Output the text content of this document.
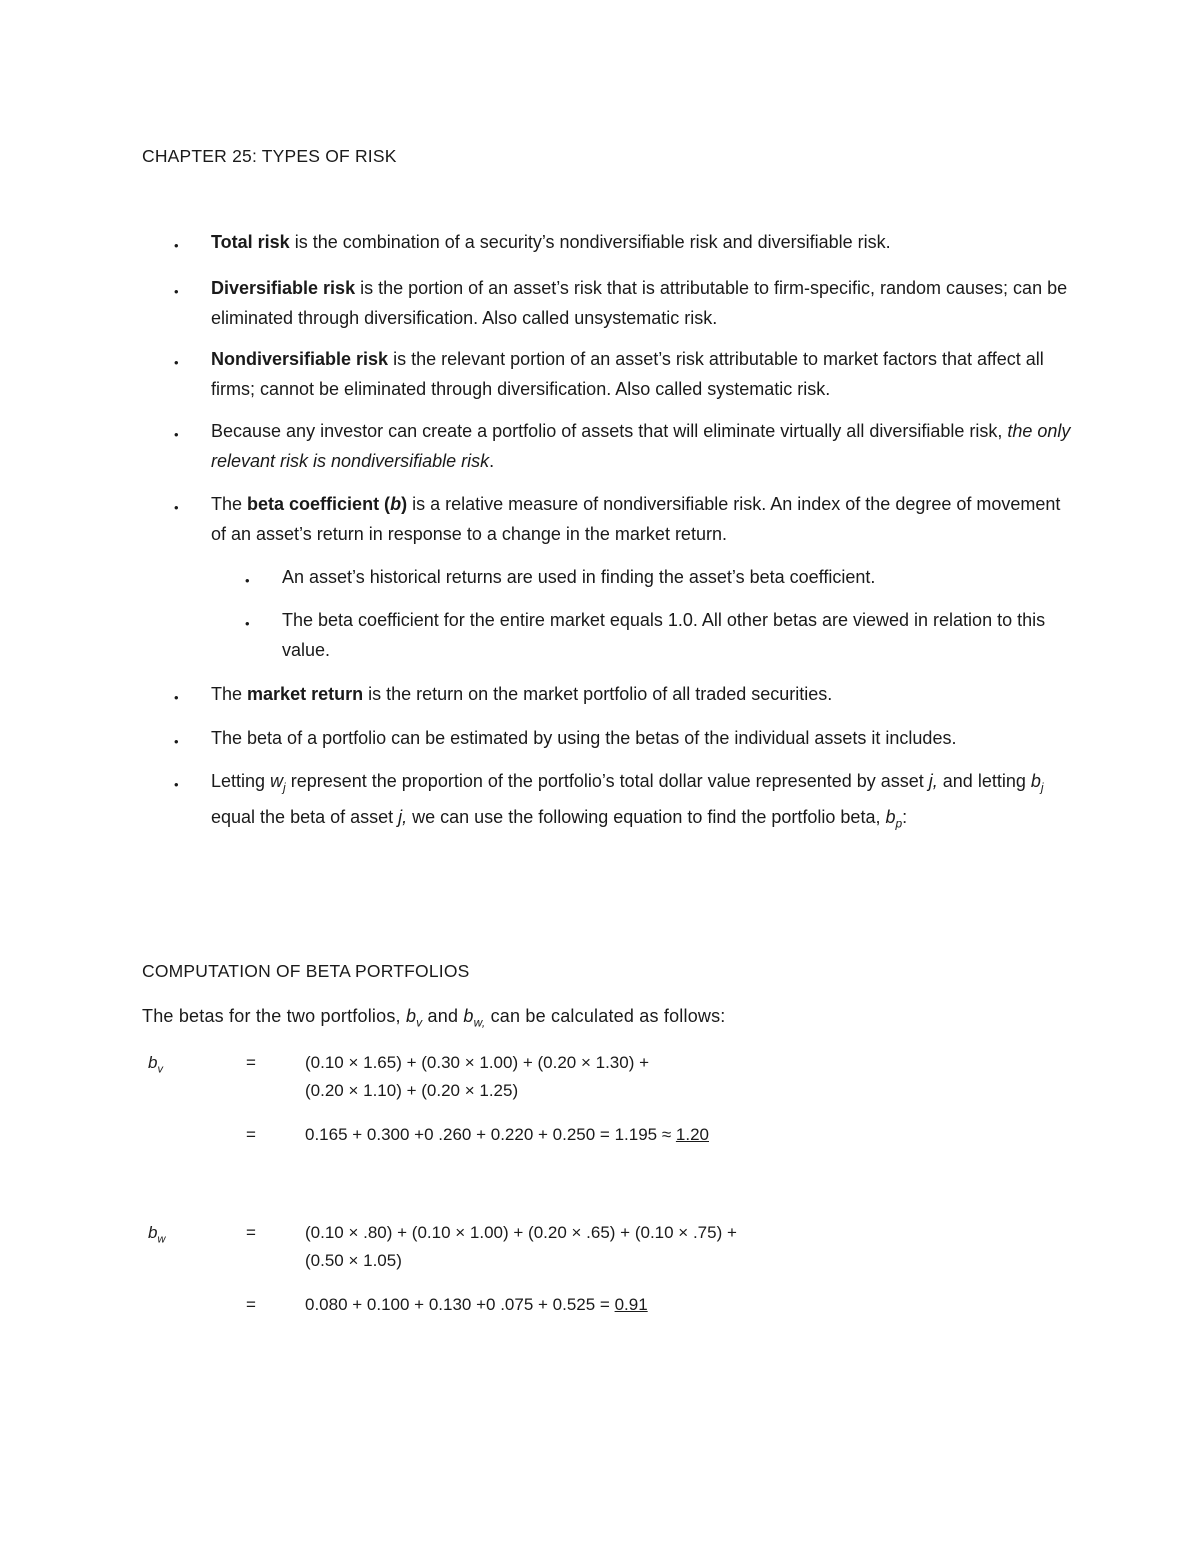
CHAPTER 25: TYPES OF RISK
• Total risk is the combination of a security’s nondiversifiable risk and diversifiable risk.
• Diversifiable risk is the portion of an asset’s risk that is attributable to firm-specific, random causes; can be eliminated through diversification. Also called unsystematic risk.
• Nondiversifiable risk is the relevant portion of an asset’s risk attributable to market factors that affect all firms; cannot be eliminated through diversification. Also called systematic risk.
• Because any investor can create a portfolio of assets that will eliminate virtually all diversifiable risk, the only relevant risk is nondiversifiable risk.
• The beta coefficient (b) is a relative measure of nondiversifiable risk. An index of the degree of movement of an asset’s return in response to a change in the market return.
• An asset’s historical returns are used in finding the asset’s beta coefficient.
• The beta coefficient for the entire market equals 1.0. All other betas are viewed in relation to this value.
• The market return is the return on the market portfolio of all traded securities.
• The beta of a portfolio can be estimated by using the betas of the individual assets it includes.
• Letting $w_j$ represent the proportion of the portfolio’s total dollar value represented by asset j, and letting $b_j$ equal the beta of asset j, we can use the following equation to find the portfolio beta, $b_p$:
COMPUTATION OF BETA PORTFOLIOS
The betas for the two portfolios, $b_v$ and $b_{w,}$ can be calculated as follows:
$b_v$	=	(0.10 × 1.65) + (0.30 × 1.00) + (0.20 × 1.30) +
(0.20 × 1.10) + (0.20 × 1.25)
=	0.165 + 0.300 +0 .260 + 0.220 + 0.250 = 1.195 ≈ 1.20
$b_w$	=	(0.10 × .80) + (0.10 × 1.00) + (0.20 × .65) + (0.10 × .75) +
(0.50 × 1.05)
=	0.080 + 0.100 + 0.130 +0 .075 + 0.525 = 0.91
